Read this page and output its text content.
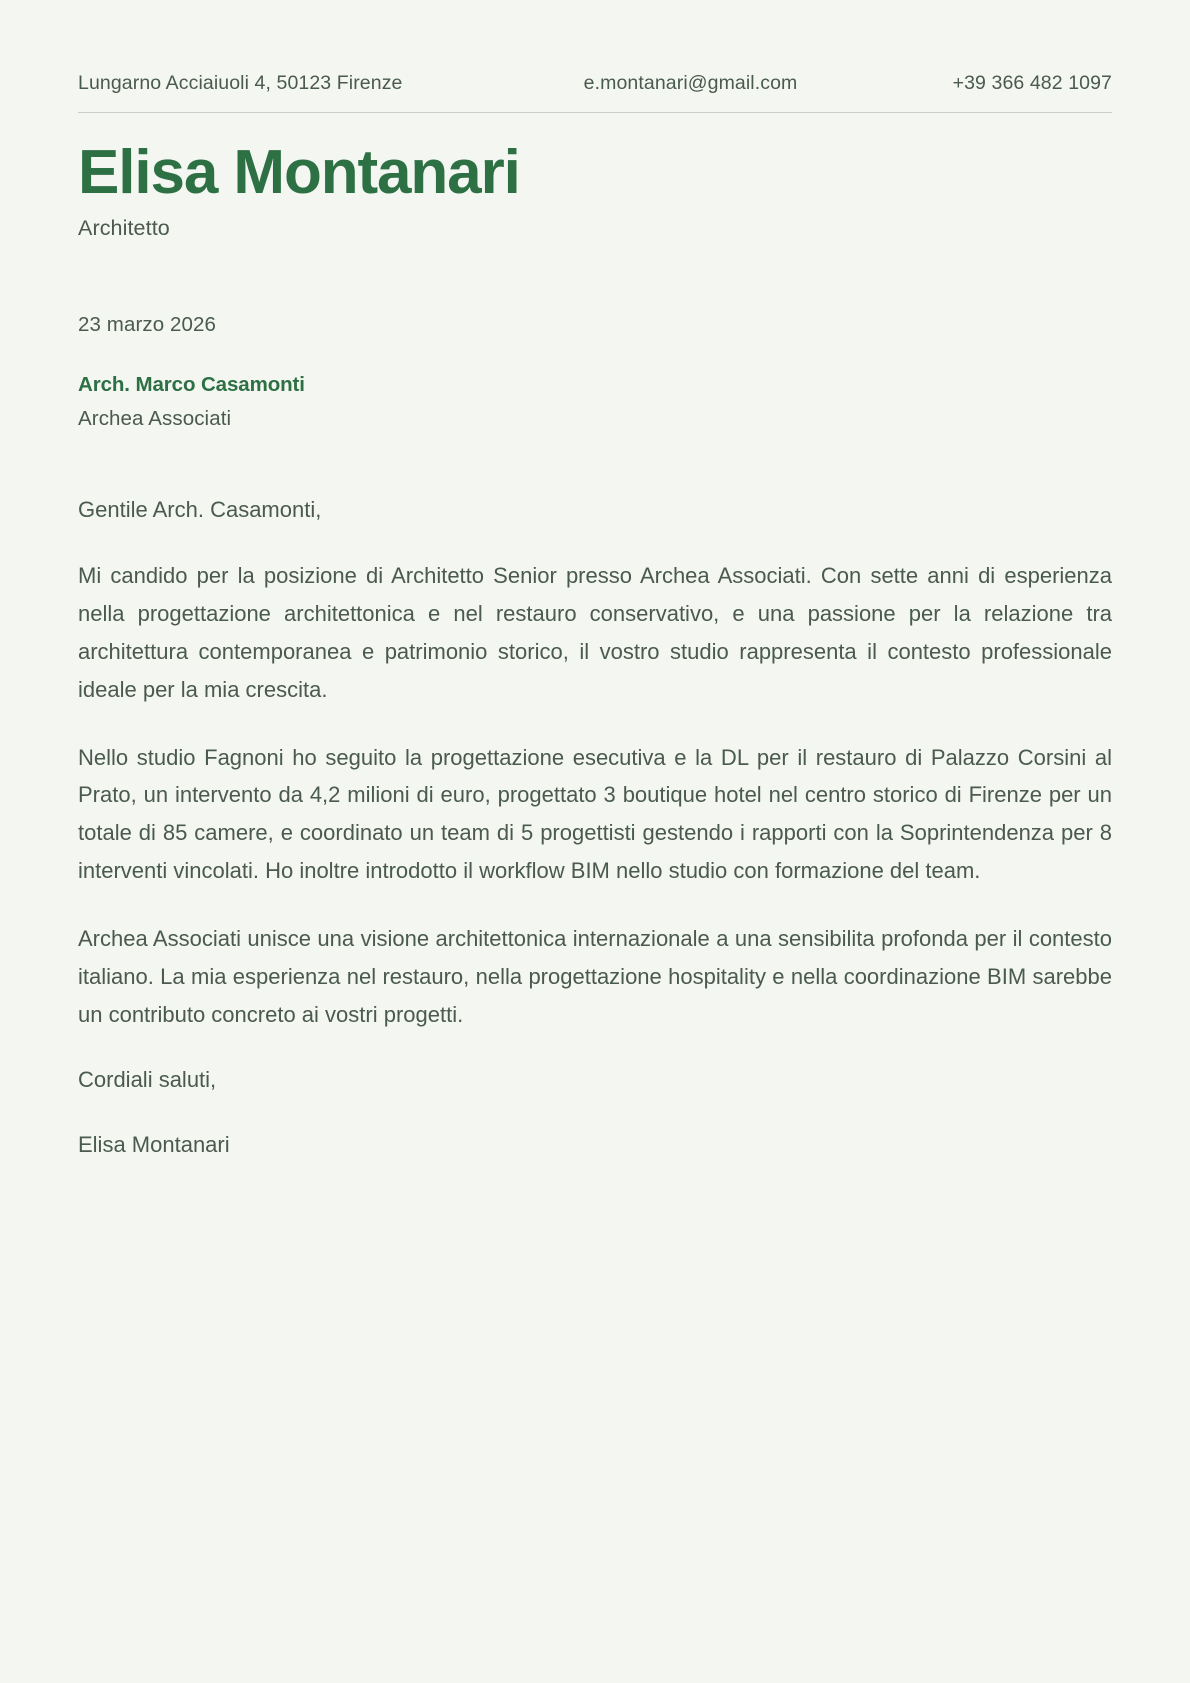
Lungarno Acciaiuoli 4, 50123 Firenze	e.montanari@gmail.com	+39 366 482 1097
Elisa Montanari
Architetto
23 marzo 2026
Arch. Marco Casamonti
Archea Associati

Gentile Arch. Casamonti,

Mi candido per la posizione di Architetto Senior presso Archea Associati. Con sette anni di esperienza nella progettazione architettonica e nel restauro conservativo, e una passione per la relazione tra architettura contemporanea e patrimonio storico, il vostro studio rappresenta il contesto professionale ideale per la mia crescita.

Nello studio Fagnoni ho seguito la progettazione esecutiva e la DL per il restauro di Palazzo Corsini al Prato, un intervento da 4,2 milioni di euro, progettato 3 boutique hotel nel centro storico di Firenze per un totale di 85 camere, e coordinato un team di 5 progettisti gestendo i rapporti con la Soprintendenza per 8 interventi vincolati. Ho inoltre introdotto il workflow BIM nello studio con formazione del team.

Archea Associati unisce una visione architettonica internazionale a una sensibilita profonda per il contesto italiano. La mia esperienza nel restauro, nella progettazione hospitality e nella coordinazione BIM sarebbe un contributo concreto ai vostri progetti.

Cordiali saluti,

Elisa Montanari
